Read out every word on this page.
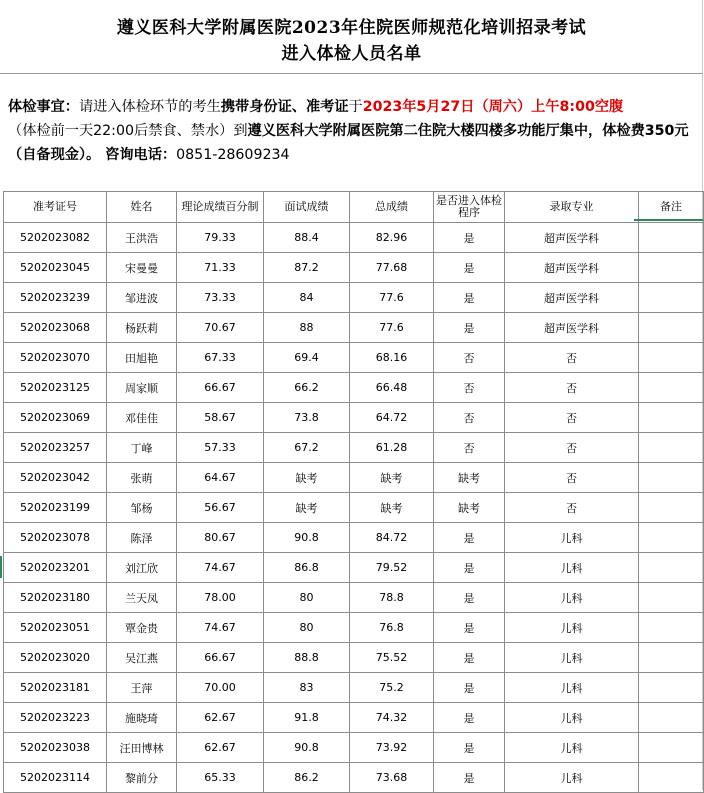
遵义医科大学附属医院2023年住院医师规范化培训招录考试
进入体检人员名单
体检事宜：请进入体检环节的考生携带身份证、准考证于2023年5月27日（周六）上午8:00空腹（体检前一天22:00后禁食、禁水）到遵义医科大学附属医院第二住院大楼四楼多功能厅集中，体检费350元（自备现金）。 咨询电话：0851-28609234
准考证号	姓名	理论成绩百分制	面试成绩	总成绩	是否进入体检程序	录取专业	备注
5202023082	王洪浩	79.33	88.4	82.96	是	超声医学科	
5202023045	宋曼曼	71.33	87.2	77.68	是	超声医学科	
5202023239	邹进波	73.33	84	77.6	是	超声医学科	
5202023068	杨跃莉	70.67	88	77.6	是	超声医学科	
5202023070	田旭艳	67.33	69.4	68.16	否	否	
5202023125	周家顺	66.67	66.2	66.48	否	否	
5202023069	邓佳佳	58.67	73.8	64.72	否	否	
5202023257	丁峰	57.33	67.2	61.28	否	否	
5202023042	张萌	64.67	缺考	缺考	缺考	否	
5202023199	邹杨	56.67	缺考	缺考	缺考	否	
5202023078	陈泽	80.67	90.8	84.72	是	儿科	
5202023201	刘江欣	74.67	86.8	79.52	是	儿科	
5202023180	兰天凤	78.00	80	78.8	是	儿科	
5202023051	覃金贵	74.67	80	76.8	是	儿科	
5202023020	吴江燕	66.67	88.8	75.52	是	儿科	
5202023181	王萍	70.00	83	75.2	是	儿科	
5202023223	施晓琦	62.67	91.8	74.32	是	儿科	
5202023038	汪田博林	62.67	90.8	73.92	是	儿科	
5202023114	黎前分	65.33	86.2	73.68	是	儿科	
